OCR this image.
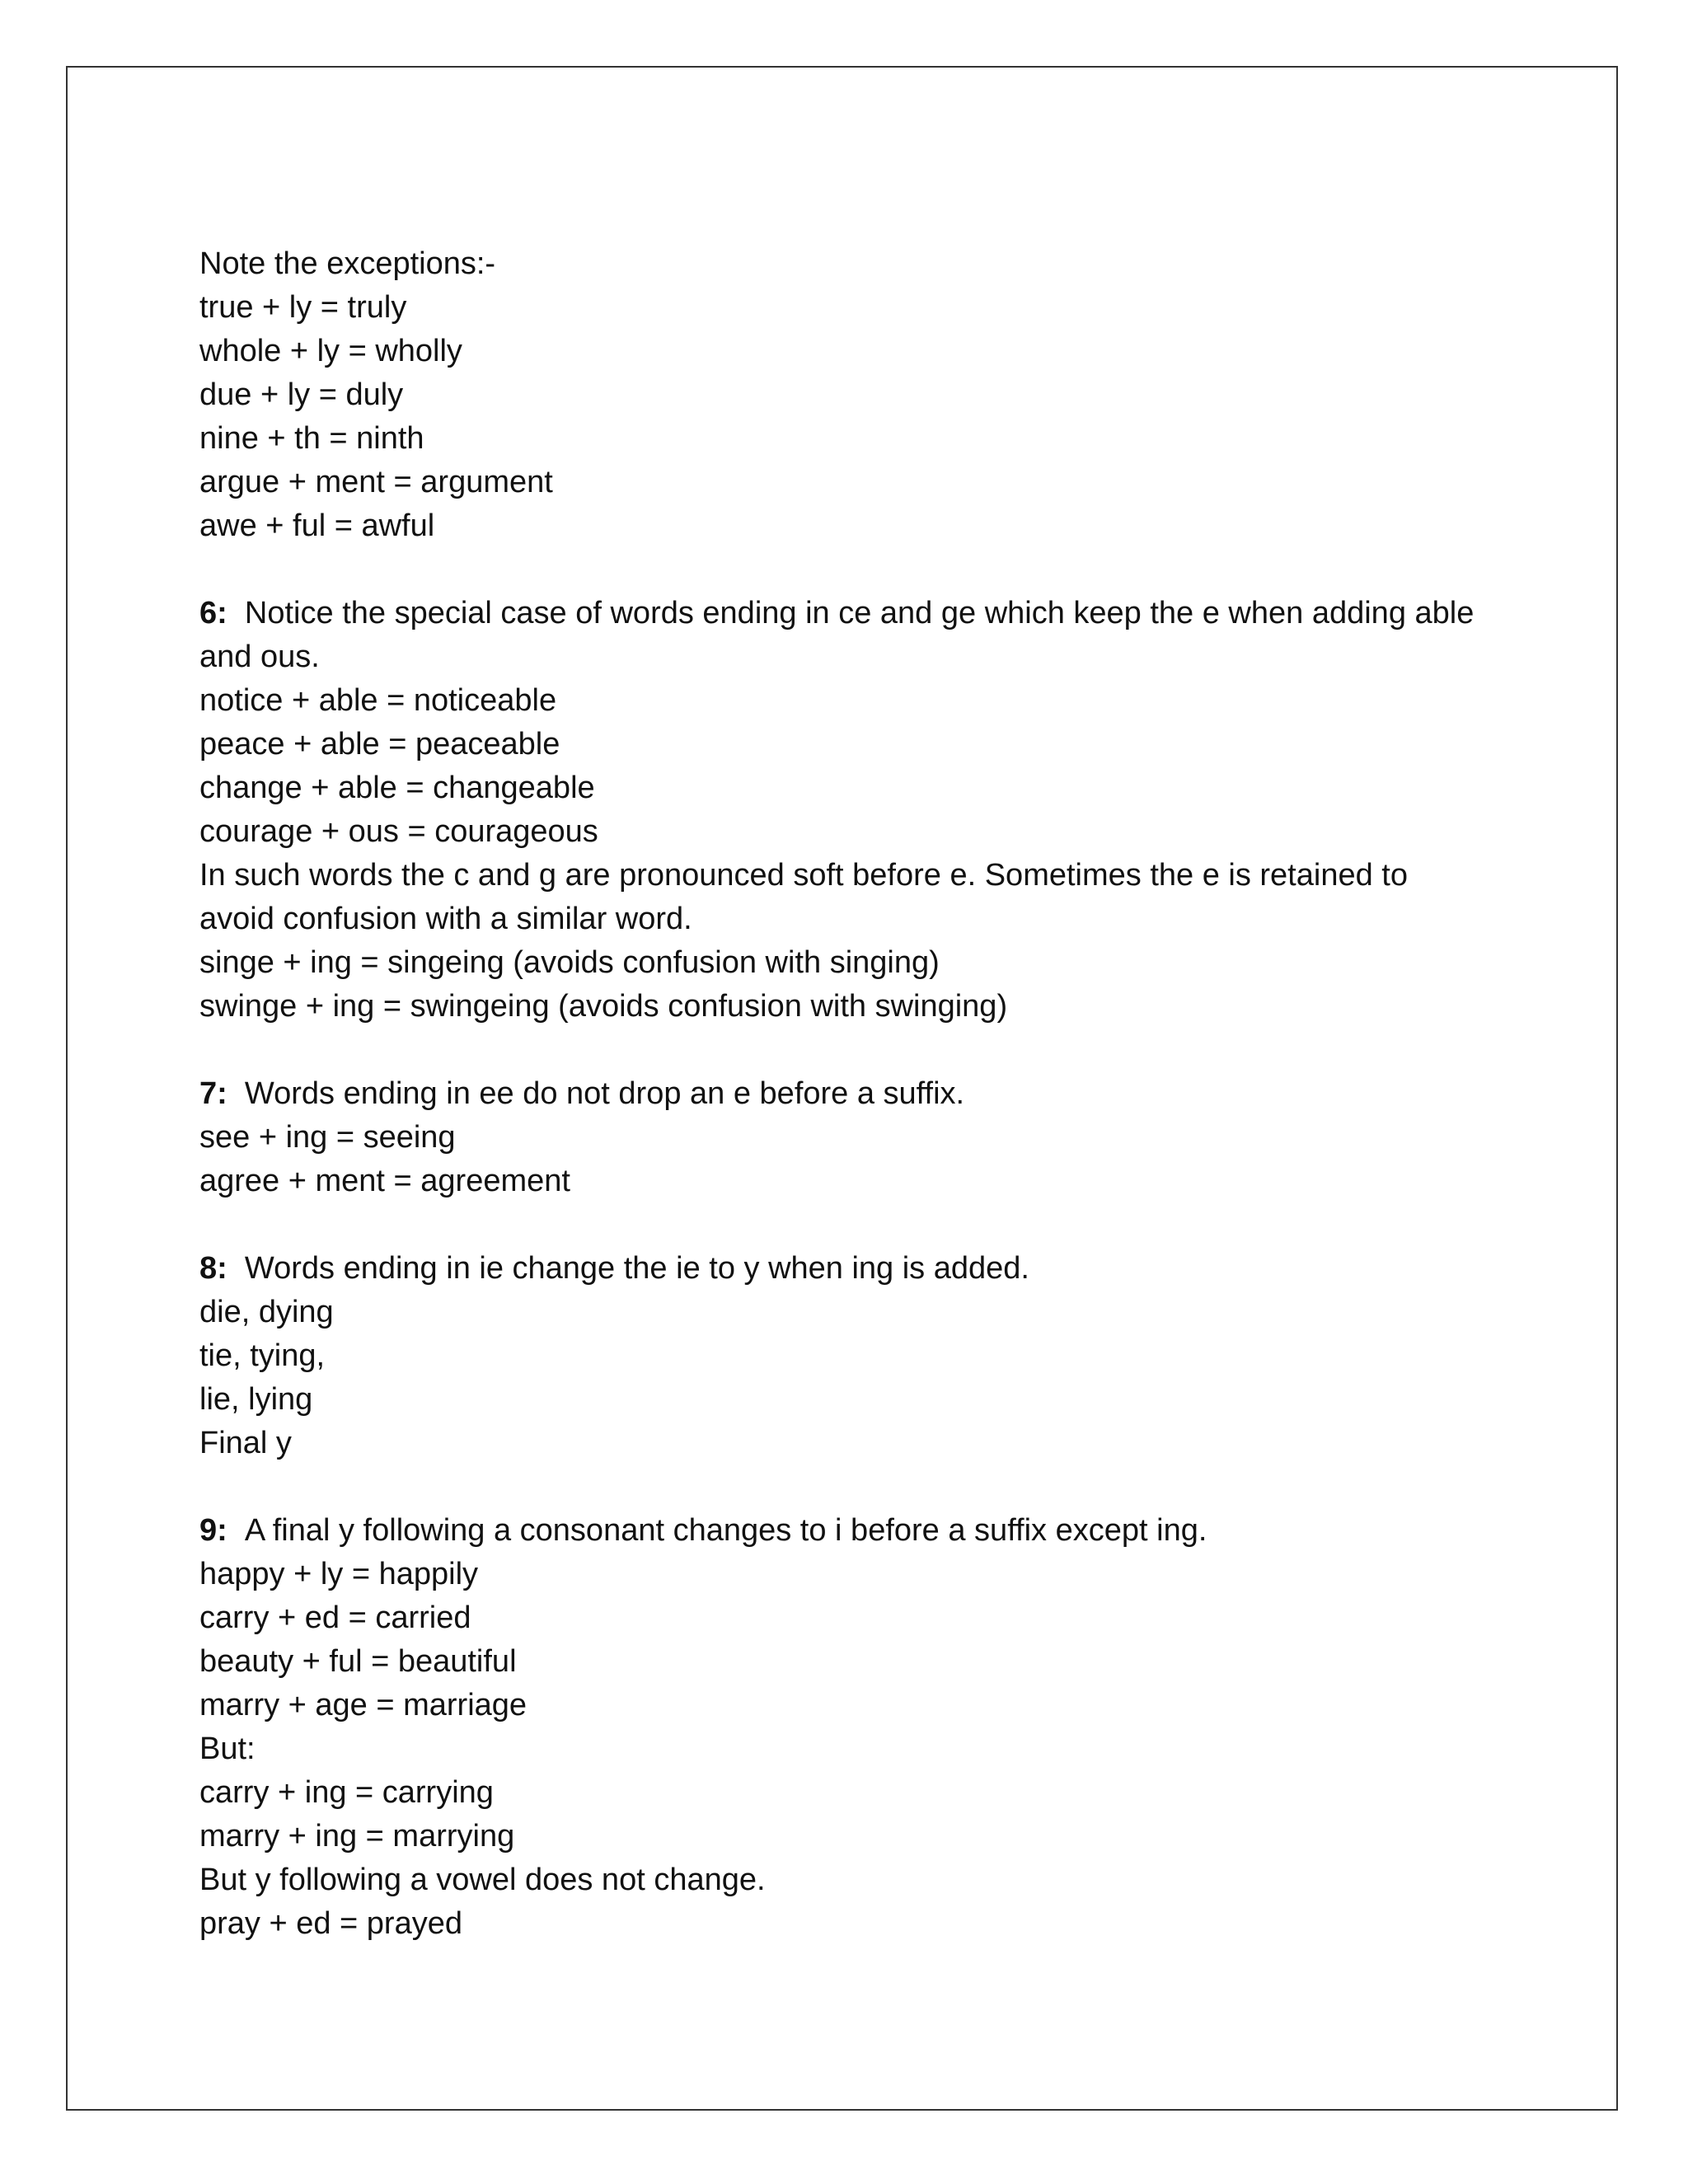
Note the exceptions:-
true + ly = truly
whole + ly = wholly
due + ly = duly
nine + th = ninth
argue + ment = argument
awe + ful = awful
6: Notice the special case of words ending in ce and ge which keep the e when adding able and ous.
notice + able = noticeable
peace + able = peaceable
change + able = changeable
courage + ous = courageous
In such words the c and g are pronounced soft before e. Sometimes the e is retained to avoid confusion with a similar word.
singe + ing = singeing (avoids confusion with singing)
swinge + ing = swingeing (avoids confusion with swinging)
7: Words ending in ee do not drop an e before a suffix.
see + ing = seeing
agree + ment = agreement
8: Words ending in ie change the ie to y when ing is added.
die, dying
tie, tying,
lie, lying
Final y
9: A final y following a consonant changes to i before a suffix except ing.
happy + ly = happily
carry + ed = carried
beauty + ful = beautiful
marry + age = marriage
But:
carry + ing = carrying
marry + ing = marrying
But y following a vowel does not change.
pray + ed = prayed
